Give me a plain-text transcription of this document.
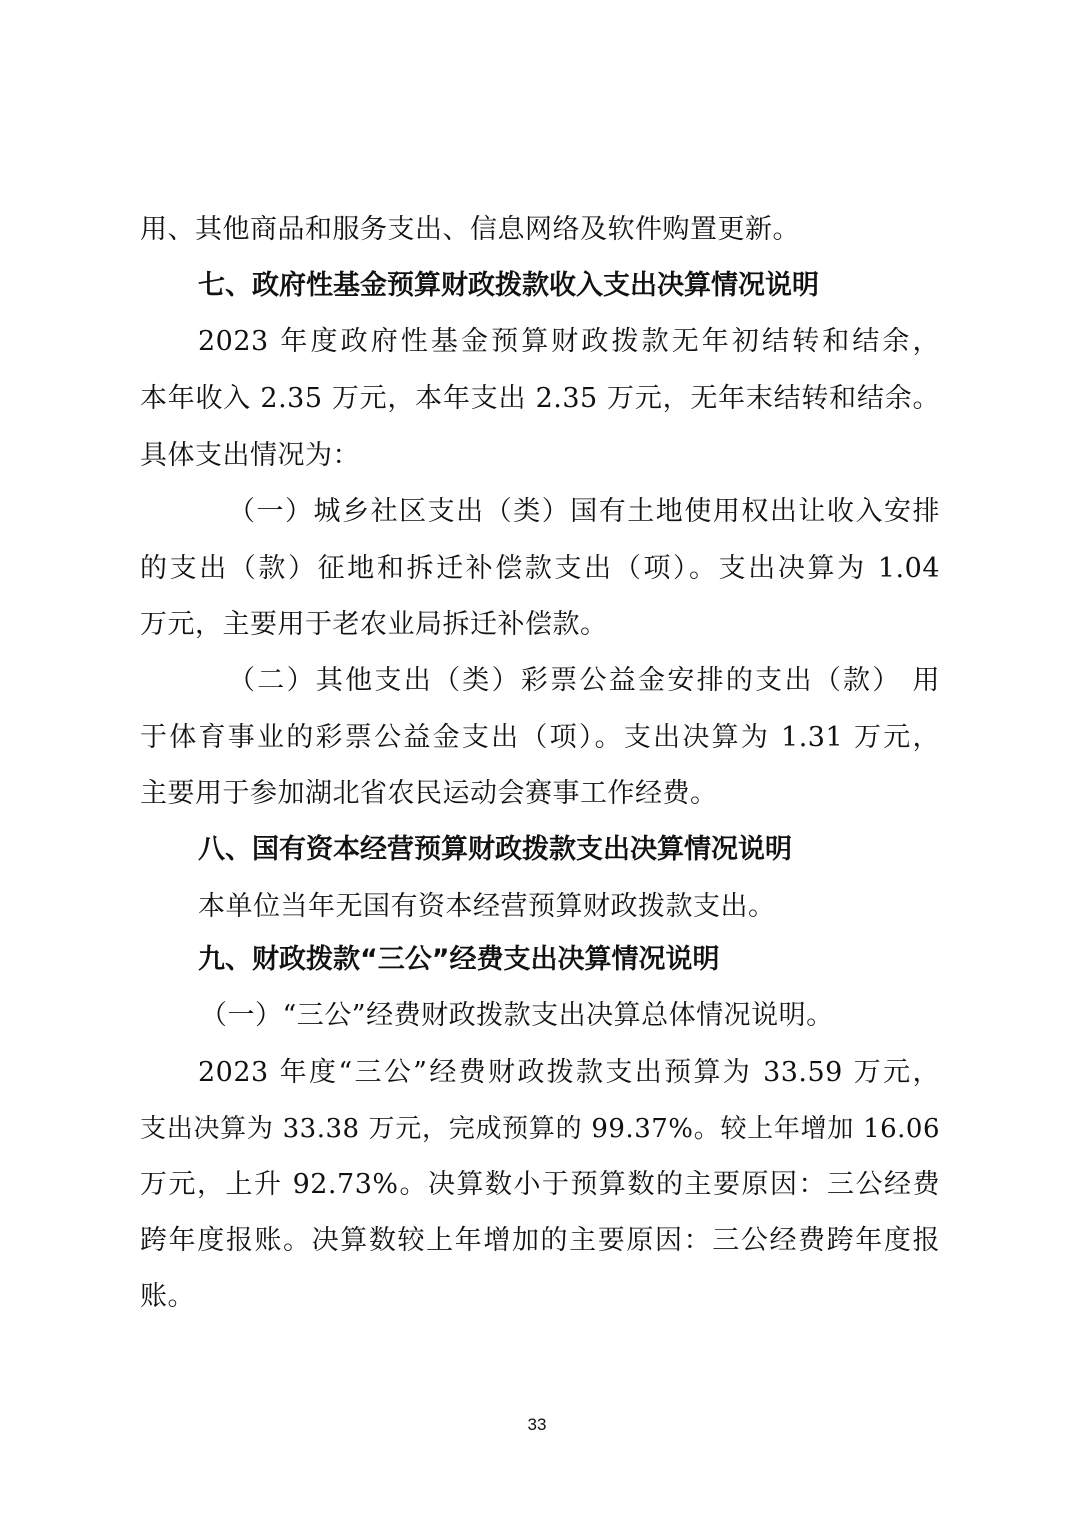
用、其他商品和服务支出、信息网络及软件购置更新。
七、政府性基金预算财政拨款收入支出决算情况说明
2023 年度政府性基金预算财政拨款无年初结转和结余，
本年收入 2.35 万元，本年支出 2.35 万元，无年末结转和结余。
具体支出情况为：
（一）城乡社区支出（类）国有土地使用权出让收入安排
的支出（款）征地和拆迁补偿款支出（项）。支出决算为 1.04
万元，主要用于老农业局拆迁补偿款。
（二）其他支出（类）彩票公益金安排的支出（款） 用
于体育事业的彩票公益金支出（项）。支出决算为 1.31 万元，
主要用于参加湖北省农民运动会赛事工作经费。
八、国有资本经营预算财政拨款支出决算情况说明
本单位当年无国有资本经营预算财政拨款支出。
九、财政拨款“三公”经费支出决算情况说明
（一）“三公”经费财政拨款支出决算总体情况说明。
2023 年度“三公”经费财政拨款支出预算为 33.59 万元，
支出决算为 33.38 万元，完成预算的 99.37%。较上年增加 16.06
万元，上升 92.73%。决算数小于预算数的主要原因：三公经费
跨年度报账。决算数较上年增加的主要原因：三公经费跨年度报
账。
33
